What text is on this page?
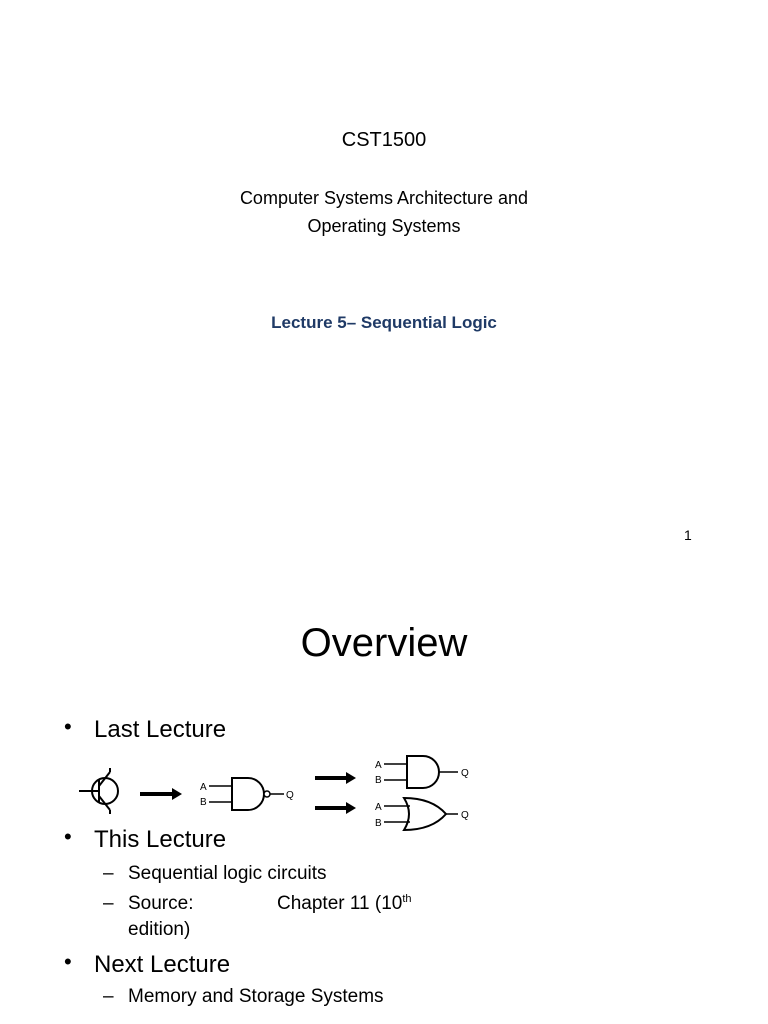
CST1500
Computer Systems Architecture and
Operating Systems
Lecture 5– Sequential Logic
1
Overview
• Last Lecture
A
B
Q
A
B
Q
A
B
Q
• This Lecture
– Sequential logic circuits
– Source:	Chapter 11 (10th
edition)
• Next Lecture
– Memory and Storage Systems
